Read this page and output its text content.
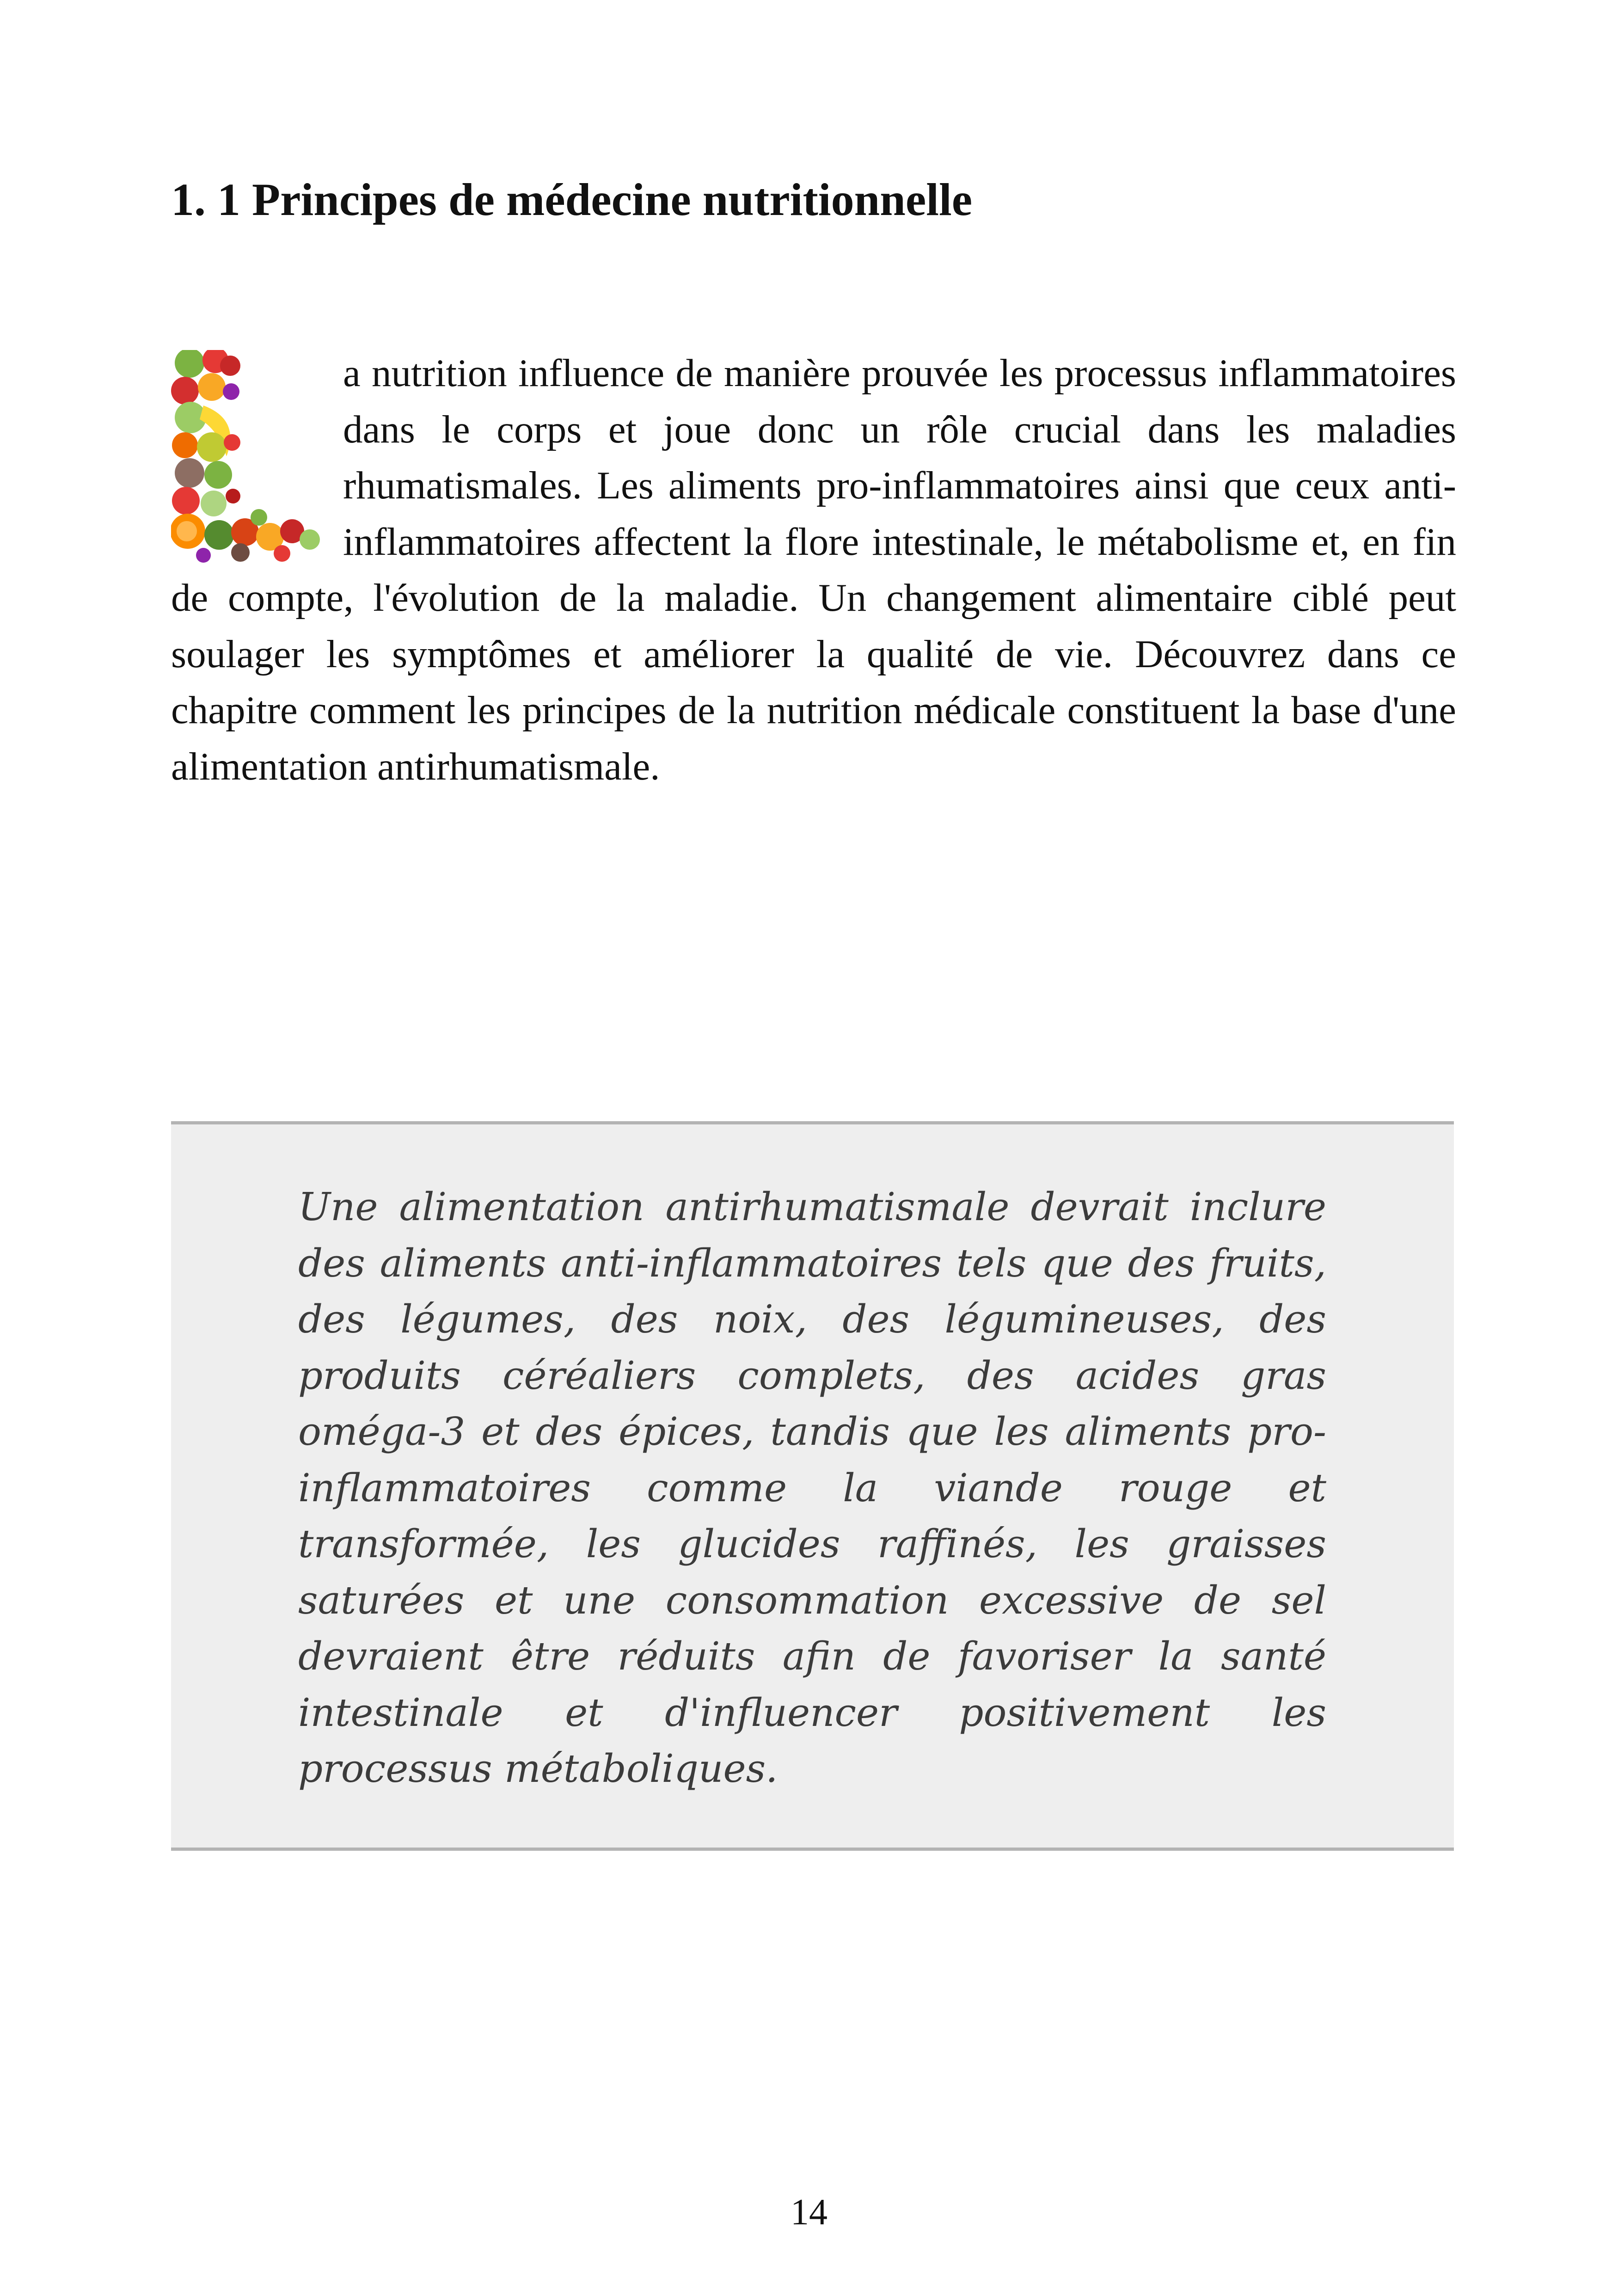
1. 1 Principes de médecine nutritionnelle
a nutrition influence de manière prouvée les processus inflammatoires dans le corps et joue donc un rôle crucial dans les maladies rhumatismales. Les aliments pro-inflammatoires ainsi que ceux anti-inflammatoires affectent la flore intestinale, le métabolisme et, en fin de compte, l'évolution de la maladie. Un changement alimentaire ciblé peut soulager les symptômes et améliorer la qualité de vie. Découvrez dans ce chapitre comment les principes de la nutrition médicale constituent la base d'une alimentation antirhumatismale.

Une alimentation antirhumatismale devrait inclure des aliments anti-inflammatoires tels que des fruits, des légumes, des noix, des légumineuses, des produits céréaliers complets, des acides gras oméga-3 et des épices, tandis que les aliments pro-inflammatoires comme la viande rouge et transformée, les glucides raffinés, les graisses saturées et une consommation excessive de sel devraient être réduits afin de favoriser la santé intestinale et d'influencer positivement les processus métaboliques.

14
